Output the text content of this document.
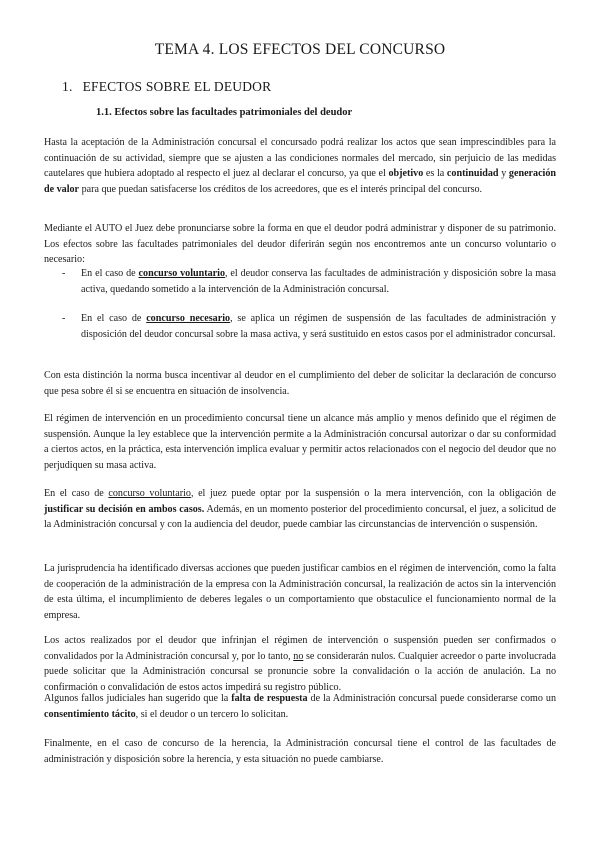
TEMA 4. LOS EFECTOS DEL CONCURSO
1. EFECTOS SOBRE EL DEUDOR
1.1. Efectos sobre las facultades patrimoniales del deudor

Hasta la aceptación de la Administración concursal el concursado podrá realizar los actos que sean imprescindibles para la continuación de su actividad, siempre que se ajusten a las condiciones normales del mercado, sin perjuicio de las medidas cautelares que hubiera adoptado al respecto el juez al declarar el concurso, ya que el objetivo es la continuidad y generación de valor para que puedan satisfacerse los créditos de los acreedores, que es el interés principal del concurso.

Mediante el AUTO el Juez debe pronunciarse sobre la forma en que el deudor podrá administrar y disponer de su patrimonio. Los efectos sobre las facultades patrimoniales del deudor diferirán según nos encontremos ante un concurso voluntario o necesario:

- En el caso de concurso voluntario, el deudor conserva las facultades de administración y disposición sobre la masa activa, quedando sometido a la intervención de la Administración concursal.
- En el caso de concurso necesario, se aplica un régimen de suspensión de las facultades de administración y disposición del deudor concursal sobre la masa activa, y será sustituido en estos casos por el administrador concursal.

Con esta distinción la norma busca incentivar al deudor en el cumplimiento del deber de solicitar la declaración de concurso que pesa sobre él si se encuentra en situación de insolvencia.

El régimen de intervención en un procedimiento concursal tiene un alcance más amplio y menos definido que el régimen de suspensión. Aunque la ley establece que la intervención permite a la Administración concursal autorizar o dar su conformidad a ciertos actos, en la práctica, esta intervención implica evaluar y permitir actos relacionados con el negocio del deudor que no perjudiquen su masa activa.

En el caso de concurso voluntario, el juez puede optar por la suspensión o la mera intervención, con la obligación de justificar su decisión en ambos casos. Además, en un momento posterior del procedimiento concursal, el juez, a solicitud de la Administración concursal y con la audiencia del deudor, puede cambiar las circunstancias de intervención o suspensión.

La jurisprudencia ha identificado diversas acciones que pueden justificar cambios en el régimen de intervención, como la falta de cooperación de la administración de la empresa con la Administración concursal, la realización de actos sin la intervención de esta última, el incumplimiento de deberes legales o un comportamiento que obstaculice el funcionamiento normal de la empresa.

Los actos realizados por el deudor que infrinjan el régimen de intervención o suspensión pueden ser confirmados o convalidados por la Administración concursal y, por lo tanto, no se considerarán nulos. Cualquier acreedor o parte involucrada puede solicitar que la Administración concursal se pronuncie sobre la convalidación o la acción de anulación. La no confirmación o convalidación de estos actos impedirá su registro público.

Algunos fallos judiciales han sugerido que la falta de respuesta de la Administración concursal puede considerarse como un consentimiento tácito, si el deudor o un tercero lo solicitan.

Finalmente, en el caso de concurso de la herencia, la Administración concursal tiene el control de las facultades de administración y disposición sobre la herencia, y esta situación no puede cambiarse.
